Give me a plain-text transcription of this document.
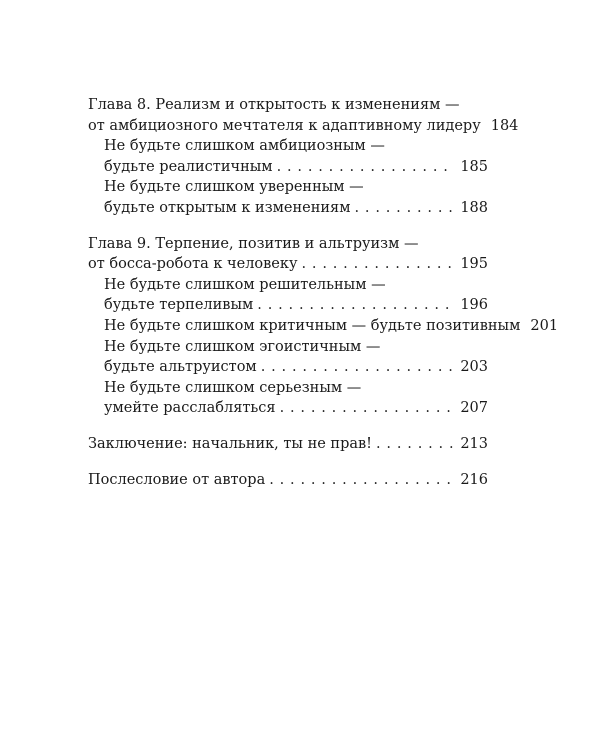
Глава 8. Реализм и открытость к изменениям —
от амбициозного мечтателя к адаптивному лидеру 184
Не будьте слишком амбициозным —
будьте реалистичным . . .	185
Не будьте слишком уверенным —
будьте открытым к изменениям . . .	188
Глава 9. Терпение, позитив и альтруизм —
от босса-робота к человеку . . .	195
Не будьте слишком решительным —
будьте терпеливым . . .	196
Не будьте слишком критичным — будьте позитивным 201
Не будьте слишком эгоистичным —
будьте альтруистом . . .	203
Не будьте слишком серьезным —
умейте расслабляться . . .	207
Заключение: начальник, ты не прав! . . .	213
Послесловие от автора . . .	216
